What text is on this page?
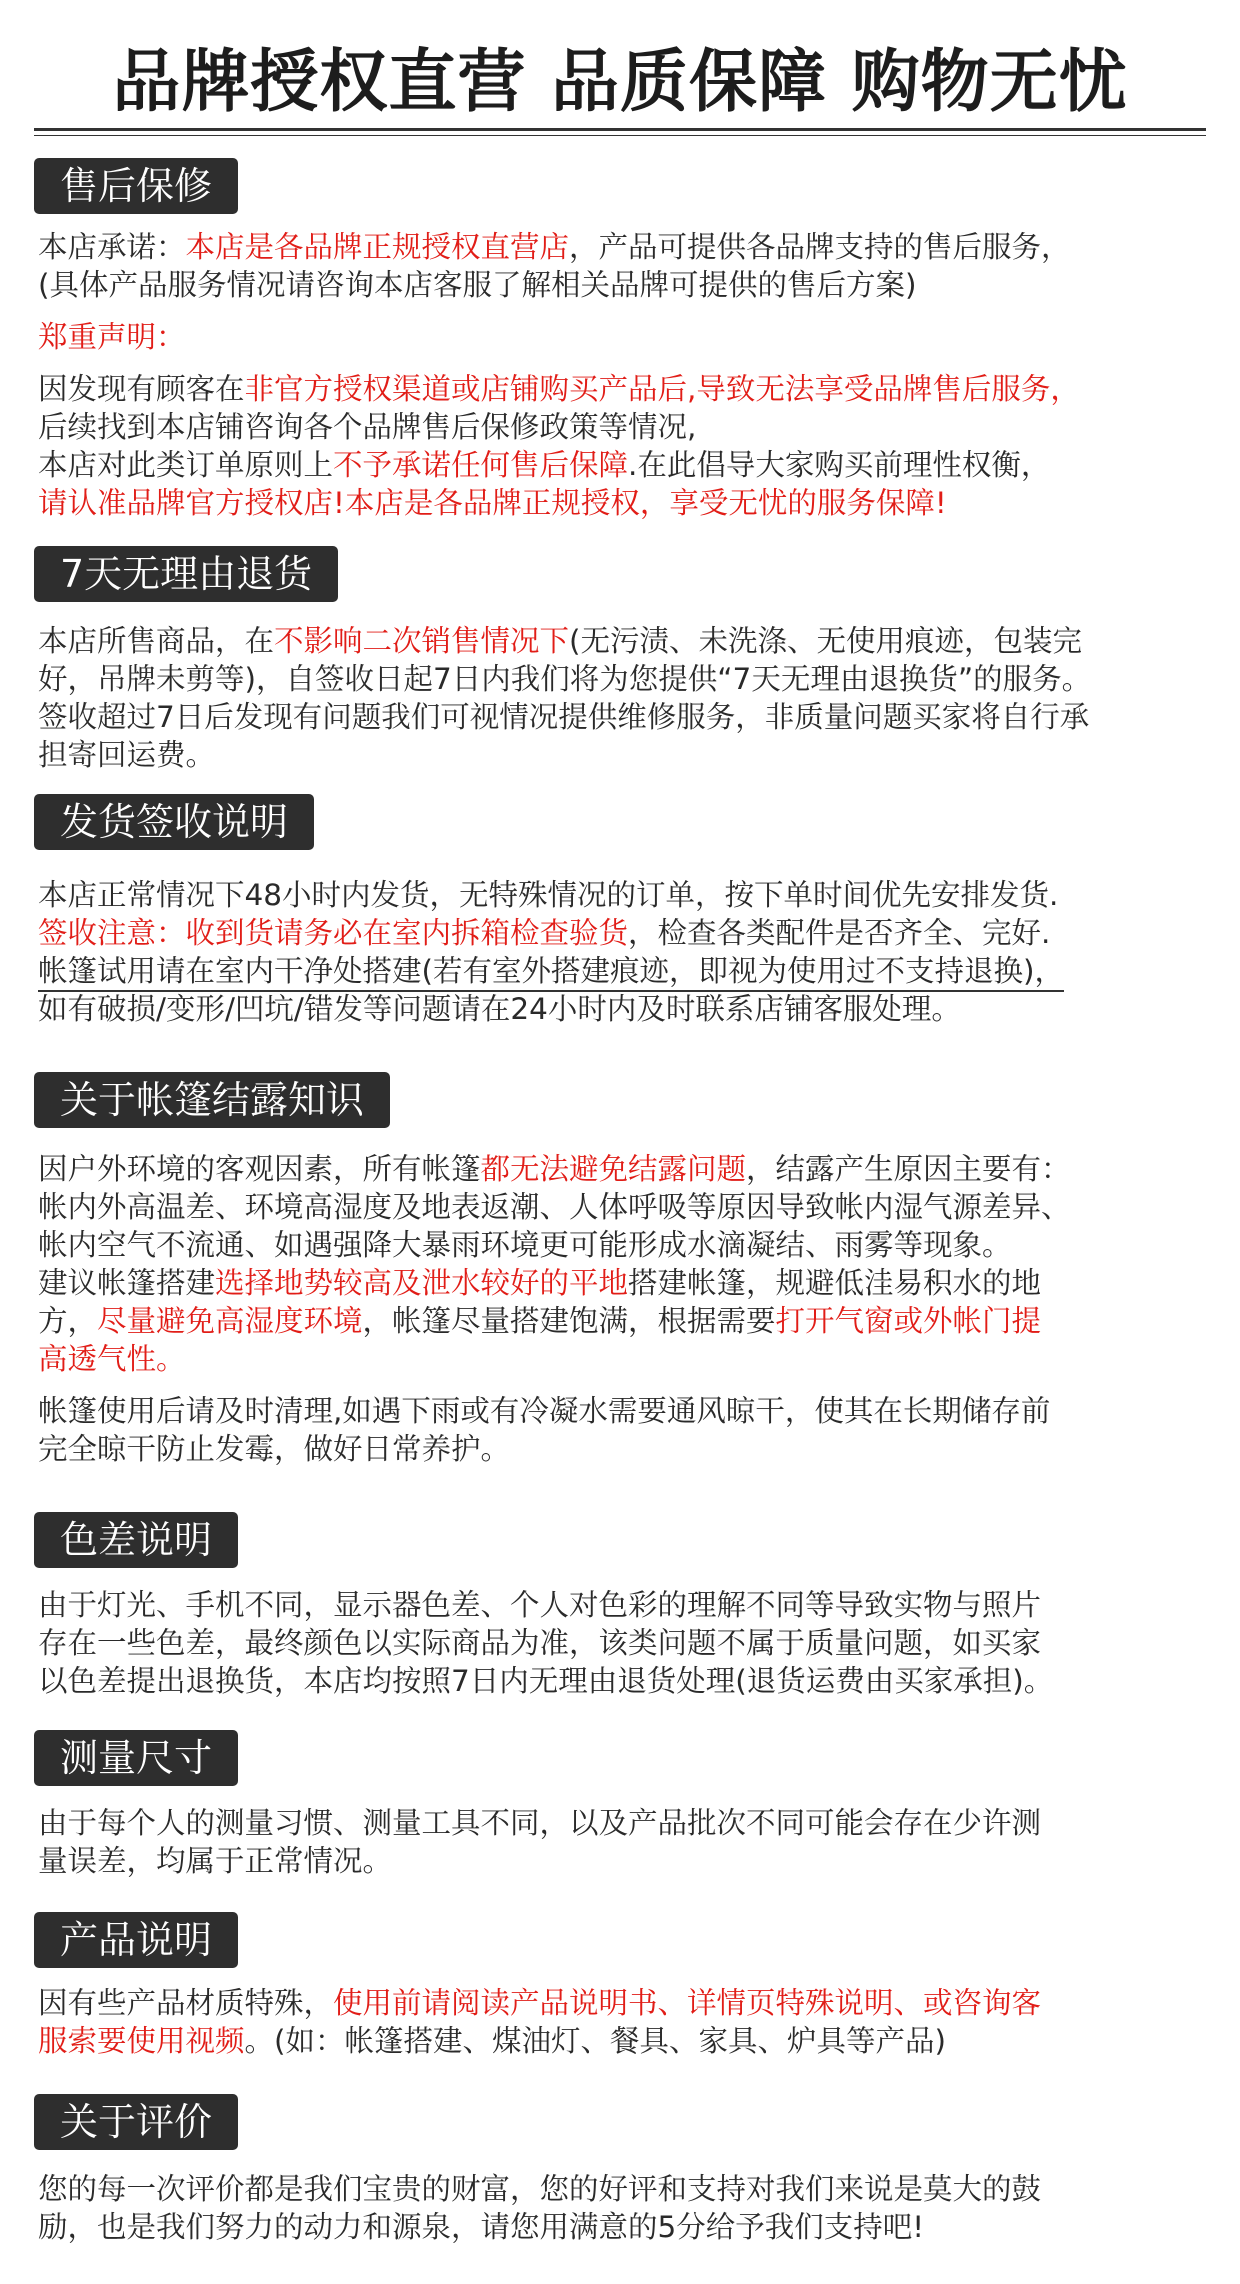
品牌授权直营 品质保障 购物无忧
售后保修

本店承诺：本店是各品牌正规授权直营店，产品可提供各品牌支持的售后服务，
(具体产品服务情况请咨询本店客服了解相关品牌可提供的售后方案)

郑重声明：

因发现有顾客在非官方授权渠道或店铺购买产品后,导致无法享受品牌售后服务，
后续找到本店铺咨询各个品牌售后保修政策等情况,
本店对此类订单原则上不予承诺任何售后保障.在此倡导大家购买前理性权衡，
请认准品牌官方授权店!本店是各品牌正规授权，享受无忧的服务保障!

7天无理由退货

本店所售商品，在不影响二次销售情况下(无污渍、未洗涤、无使用痕迹，包装完
好，吊牌未剪等)，自签收日起7日内我们将为您提供“7天无理由退换货”的服务。
签收超过7日后发现有问题我们可视情况提供维修服务，非质量问题买家将自行承
担寄回运费。

发货签收说明

本店正常情况下48小时内发货，无特殊情况的订单，按下单时间优先安排发货.
签收注意：收到货请务必在室内拆箱检查验货，检查各类配件是否齐全、完好.
帐篷试用请在室内干净处搭建(若有室外搭建痕迹，即视为使用过不支持退换)，
如有破损/变形/凹坑/错发等问题请在24小时内及时联系店铺客服处理。

关于帐篷结露知识

因户外环境的客观因素，所有帐篷都无法避免结露问题，结露产生原因主要有：
帐内外高温差、环境高湿度及地表返潮、人体呼吸等原因导致帐内湿气源差异、
帐内空气不流通、如遇强降大暴雨环境更可能形成水滴凝结、雨雾等现象。
建议帐篷搭建选择地势较高及泄水较好的平地搭建帐篷，规避低洼易积水的地
方，尽量避免高湿度环境，帐篷尽量搭建饱满，根据需要打开气窗或外帐门提
高透气性。

帐篷使用后请及时清理,如遇下雨或有冷凝水需要通风晾干，使其在长期储存前
完全晾干防止发霉，做好日常养护。

色差说明

由于灯光、手机不同，显示器色差、个人对色彩的理解不同等导致实物与照片
存在一些色差，最终颜色以实际商品为准，该类问题不属于质量问题，如买家
以色差提出退换货，本店均按照7日内无理由退货处理(退货运费由买家承担)。

测量尺寸

由于每个人的测量习惯、测量工具不同，以及产品批次不同可能会存在少许测
量误差，均属于正常情况。

产品说明

因有些产品材质特殊，使用前请阅读产品说明书、详情页特殊说明、或咨询客
服索要使用视频。(如：帐篷搭建、煤油灯、餐具、家具、炉具等产品)

关于评价

您的每一次评价都是我们宝贵的财富，您的好评和支持对我们来说是莫大的鼓
励，也是我们努力的动力和源泉，请您用满意的5分给予我们支持吧!
